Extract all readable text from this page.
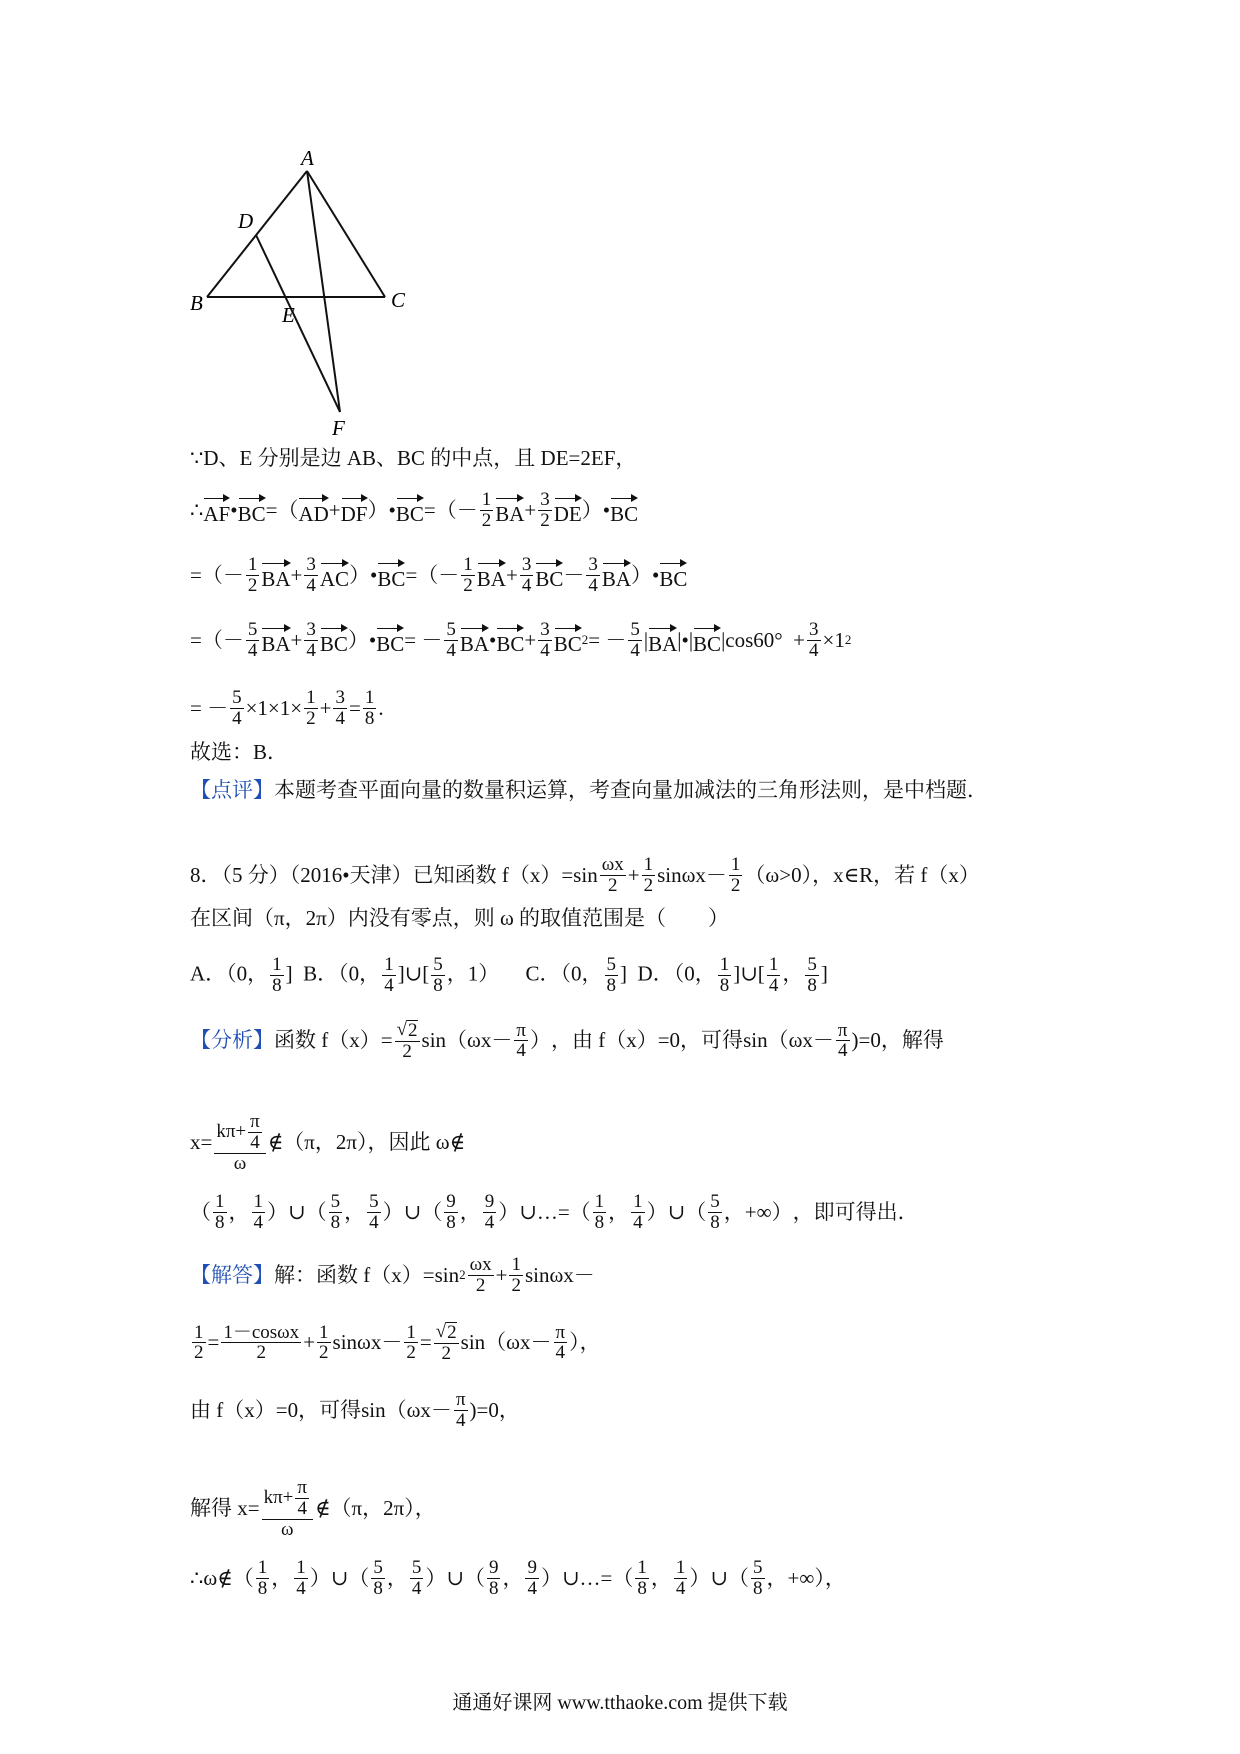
A
B	C
D
E
F
∵D、E 分别是边 AB、BC 的中点，且 DE=2EF，
∴ AF • BC =（ AD + DF ）• BC =（－ $\frac{1}{2}$ BA + $\frac{3}{2}$ DE ）• BC
=（－ $\frac{1}{2}$ BA + $\frac{3}{4}$ AC ）• BC =（－ $\frac{1}{2}$ BA + $\frac{3}{4}$ BC － $\frac{3}{4}$ BA ）• BC
=（－ $\frac{5}{4}$ BA + $\frac{3}{4}$ BC ）• BC = － $\frac{5}{4}$ BA • BC + $\frac{3}{4}$ BC 2 = － $\frac{5}{4}$ | BA |•| BC $|\cos 60^\circ + \frac{3}{4} \times 1$ 2
= － $\frac{5}{4} \times 1\times 1\times \frac{1}{2} + \frac{3}{4} = \frac{1}{8}$ .
故选：B．
【点评】 本题考查平面向量的数量积运算，考查向量加减法的三角形法则，是中档题．
8．（5 分）（2016•天津）已知函数 $f(x)=\sin \frac{\omega x}{2} + \frac{1}{2} \sin\omega x- \frac{1}{2} (\omega>0)$，x∈R，若 f（x）
在区间（π，2π）内没有零点，则 ω 的取值范围是（　　）
A．（0， $\frac{1}{8}$ ]
B．（0， $\frac{1}{4}$ ]∪[ $\frac{5}{8}$ ，1）
C．（0， $\frac{5}{8}$ ]
D．（0， $\frac{1}{8}$ ]∪[ $\frac{1}{4}$ ， $\frac{5}{8}$ ]
【分析】 函数 $f(x)= \frac{√ 2}{2} \sin(\omega x- \frac{\pi}{4}$ ） ，由 f（x）=0，可得 $\sin(\omega x- \frac{\pi}{4}$ ) =0，解得
$x= \frac{k\pi+ \frac{\pi}{4}}{\omega}$ ∉ （π，2π），因此 ω∉
（ $\frac{1}{8}$ ， $\frac{1}{4}$ ）∪（ $\frac{5}{8}$ ， $\frac{5}{4}$ ）∪（ $\frac{9}{8}$ ， $\frac{9}{4}$ ）∪…=（ $\frac{1}{8}$ ， $\frac{1}{4}$ ）∪（ $\frac{5}{8}$ ，+∞） ，即可得出．
【解答】 解：函数 $f(x)= \sin 2 \frac{\omega x}{2} + \frac{1}{2} \sin\omega x-$
$\frac{1}{2} = \frac{1-\cos\omega x}{2} + \frac{1}{2} \sin\omega x- \frac{1}{2} = \frac{√ 2}{2} \sin(\omega x- \frac{\pi}{4}$ ），
由 f（x）=0，可得 $\sin(\omega x- \frac{\pi}{4} )=0$，
解得 $x= \frac{k\pi+ \frac{\pi}{4}}{\omega}$ ∉（π，2π），
∴ω∉ （ $\frac{1}{8}$ ， $\frac{1}{4}$ ）∪（ $\frac{5}{8}$ ， $\frac{5}{4}$ ）∪（ $\frac{9}{8}$ ， $\frac{9}{4}$ ）∪…=（ $\frac{1}{8}$ ， $\frac{1}{4}$ ）∪（ $\frac{5}{8}$ ，+∞），
通通好课网 www.tthaoke.com 提供下载
